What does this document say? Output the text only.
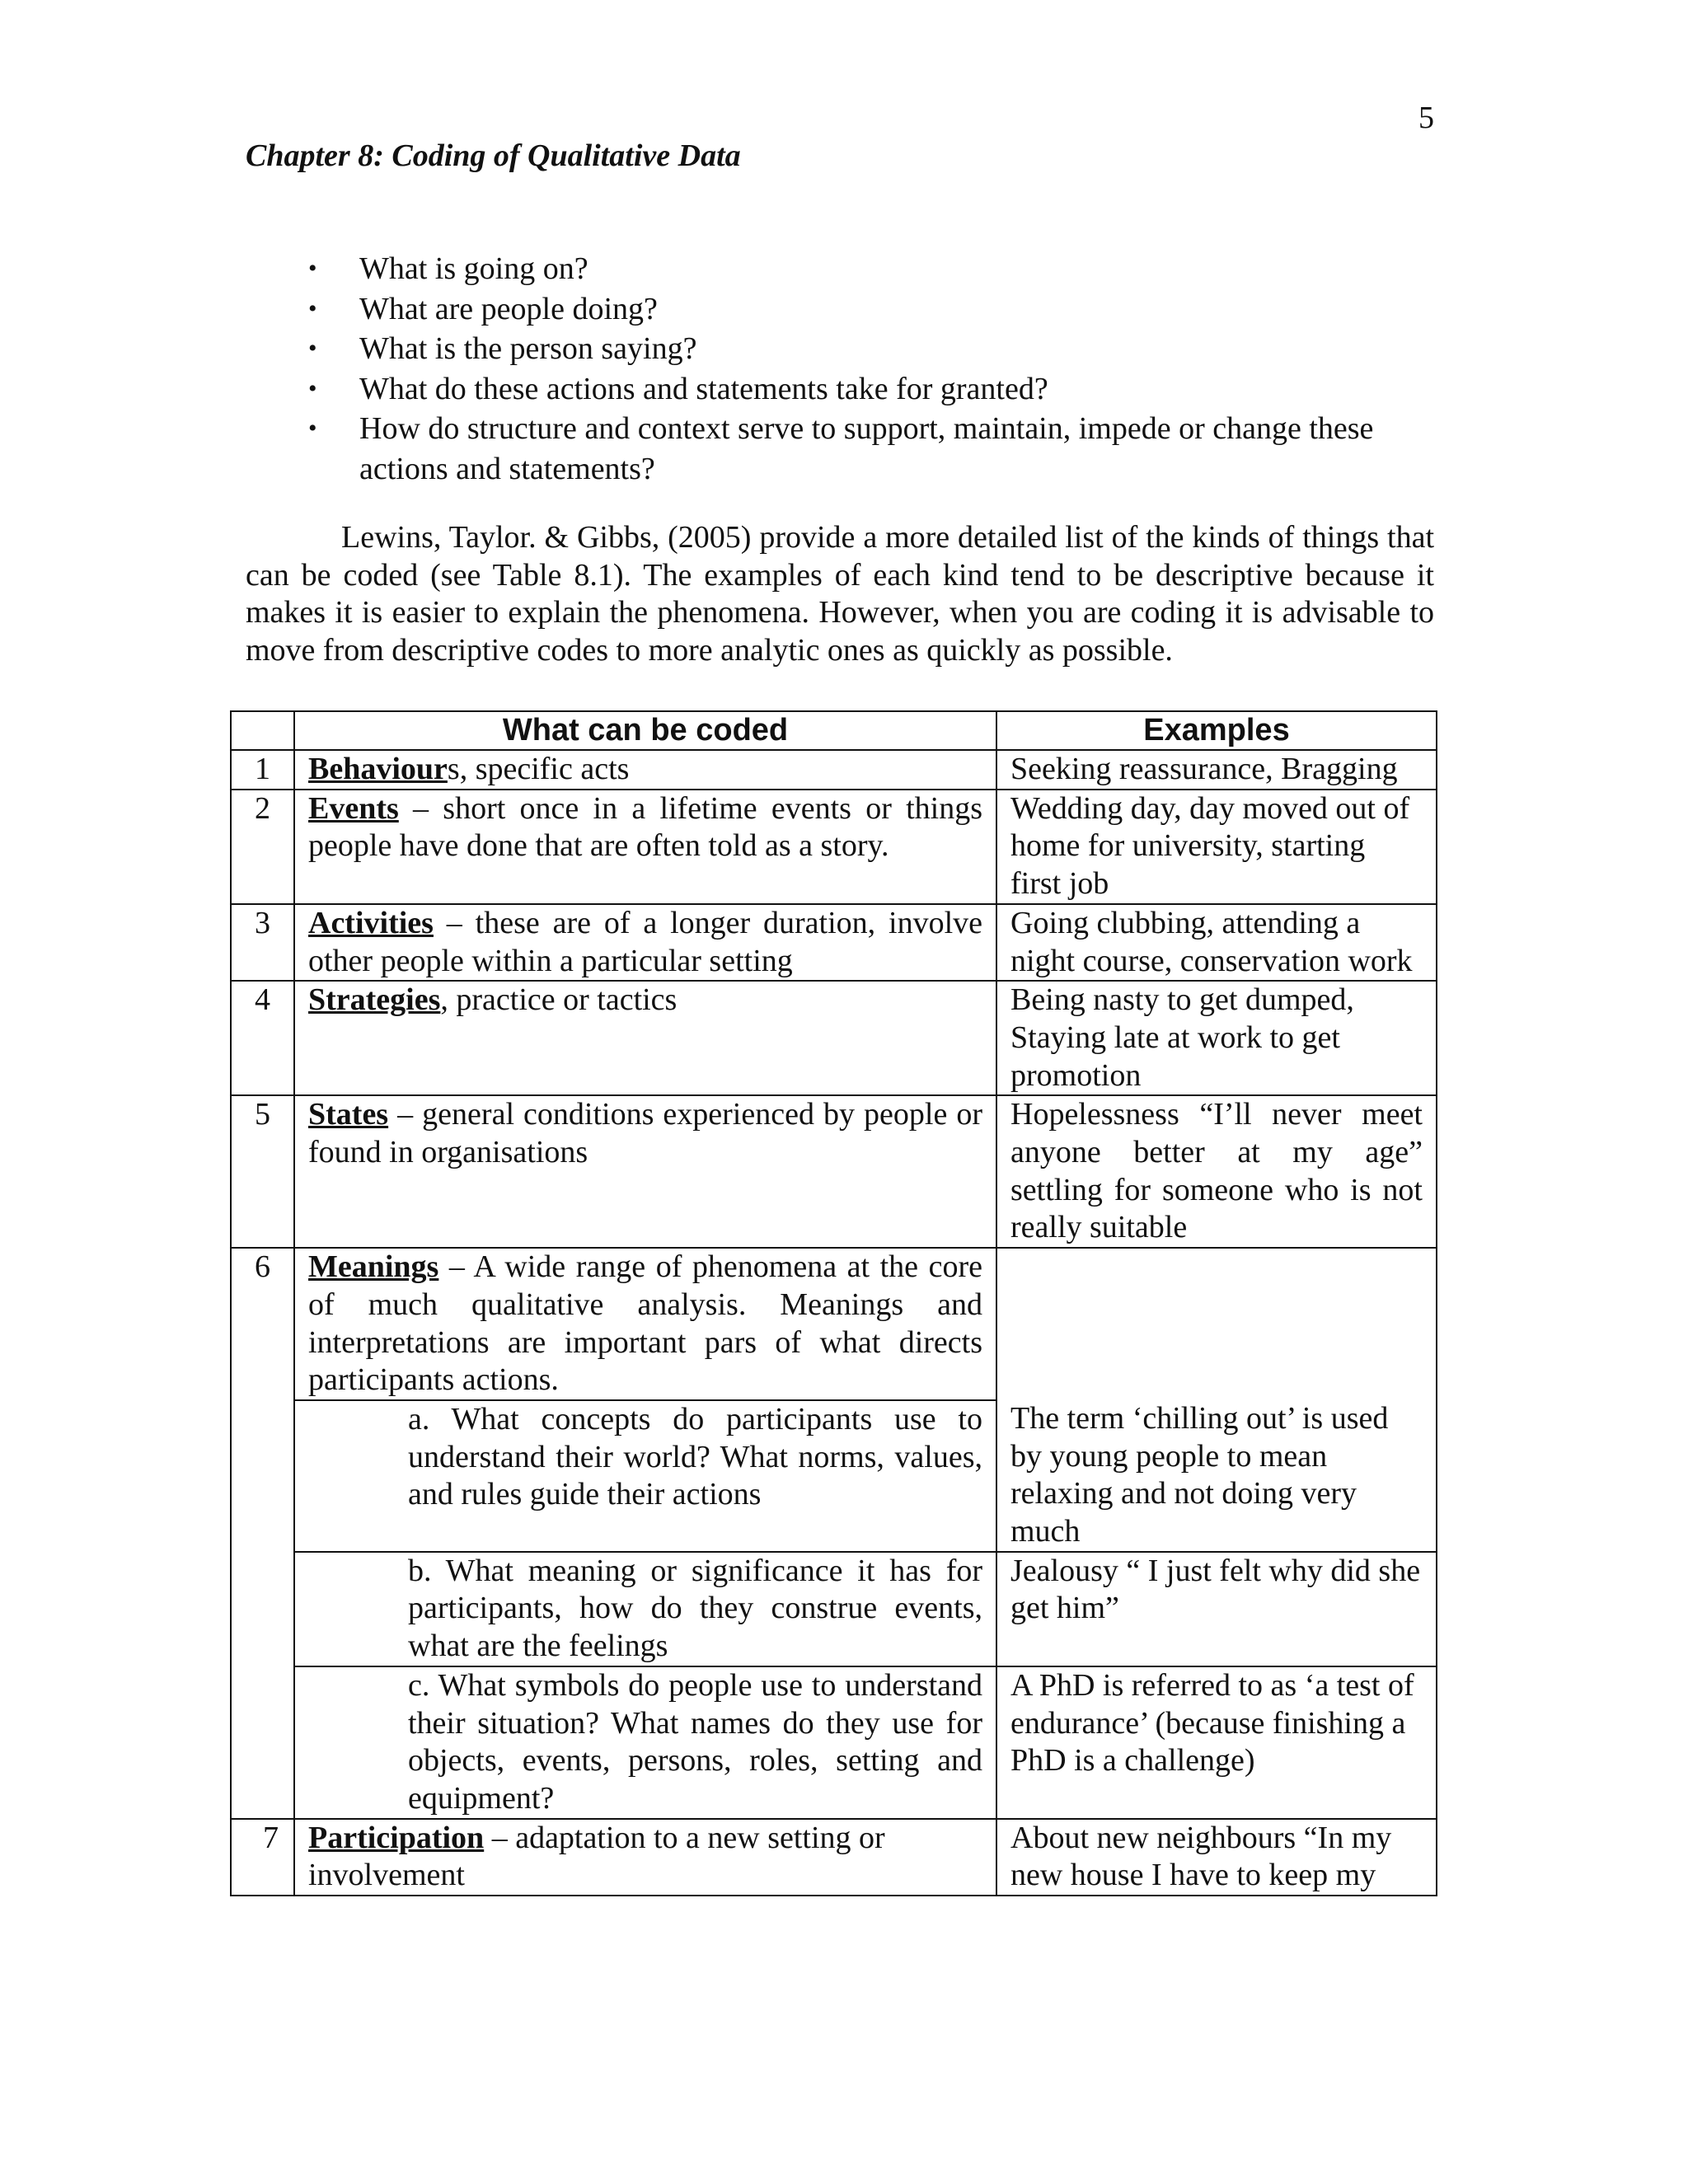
5
Chapter 8: Coding of Qualitative Data
• What is going on?
• What are people doing?
• What is the person saying?
• What do these actions and statements take for granted?
• How do structure and context serve to support, maintain, impede or change these actions and statements?

Lewins, Taylor. & Gibbs, (2005) provide a more detailed list of the kinds of things that can be coded (see Table 8.1). The examples of each kind tend to be descriptive because it makes it is easier to explain the phenomena. However, when you are coding it is advisable to move from descriptive codes to more analytic ones as quickly as possible.

	What can be coded	Examples
1	Behaviours, specific acts	Seeking reassurance, Bragging
2	Events – short once in a lifetime events or things people have done that are often told as a story.	Wedding day, day moved out of home for university, starting first job
3	Activities – these are of a longer duration, involve other people within a particular setting	Going clubbing, attending a night course, conservation work
4	Strategies, practice or tactics	Being nasty to get dumped, Staying late at work to get promotion
5	States – general conditions experienced by people or found in organisations	Hopelessness “I’ll never meet anyone better at my age” settling for someone who is not really suitable
6	Meanings – A wide range of phenomena at the core of much qualitative analysis. Meanings and interpretations are important pars of what directs participants actions.	
	a. What concepts do participants use to understand their world? What norms, values, and rules guide their actions	The term ‘chilling out’ is used by young people to mean relaxing and not doing very much
	b. What meaning or significance it has for participants, how do they construe events, what are the feelings	Jealousy “ I just felt why did she get him”
	c. What symbols do people use to understand their situation? What names do they use for objects, events, persons, roles, setting and equipment?	A PhD is referred to as ‘a test of endurance’ (because finishing a PhD is a challenge)
7	Participation – adaptation to a new setting or involvement	About new neighbours “In my new house I have to keep my
